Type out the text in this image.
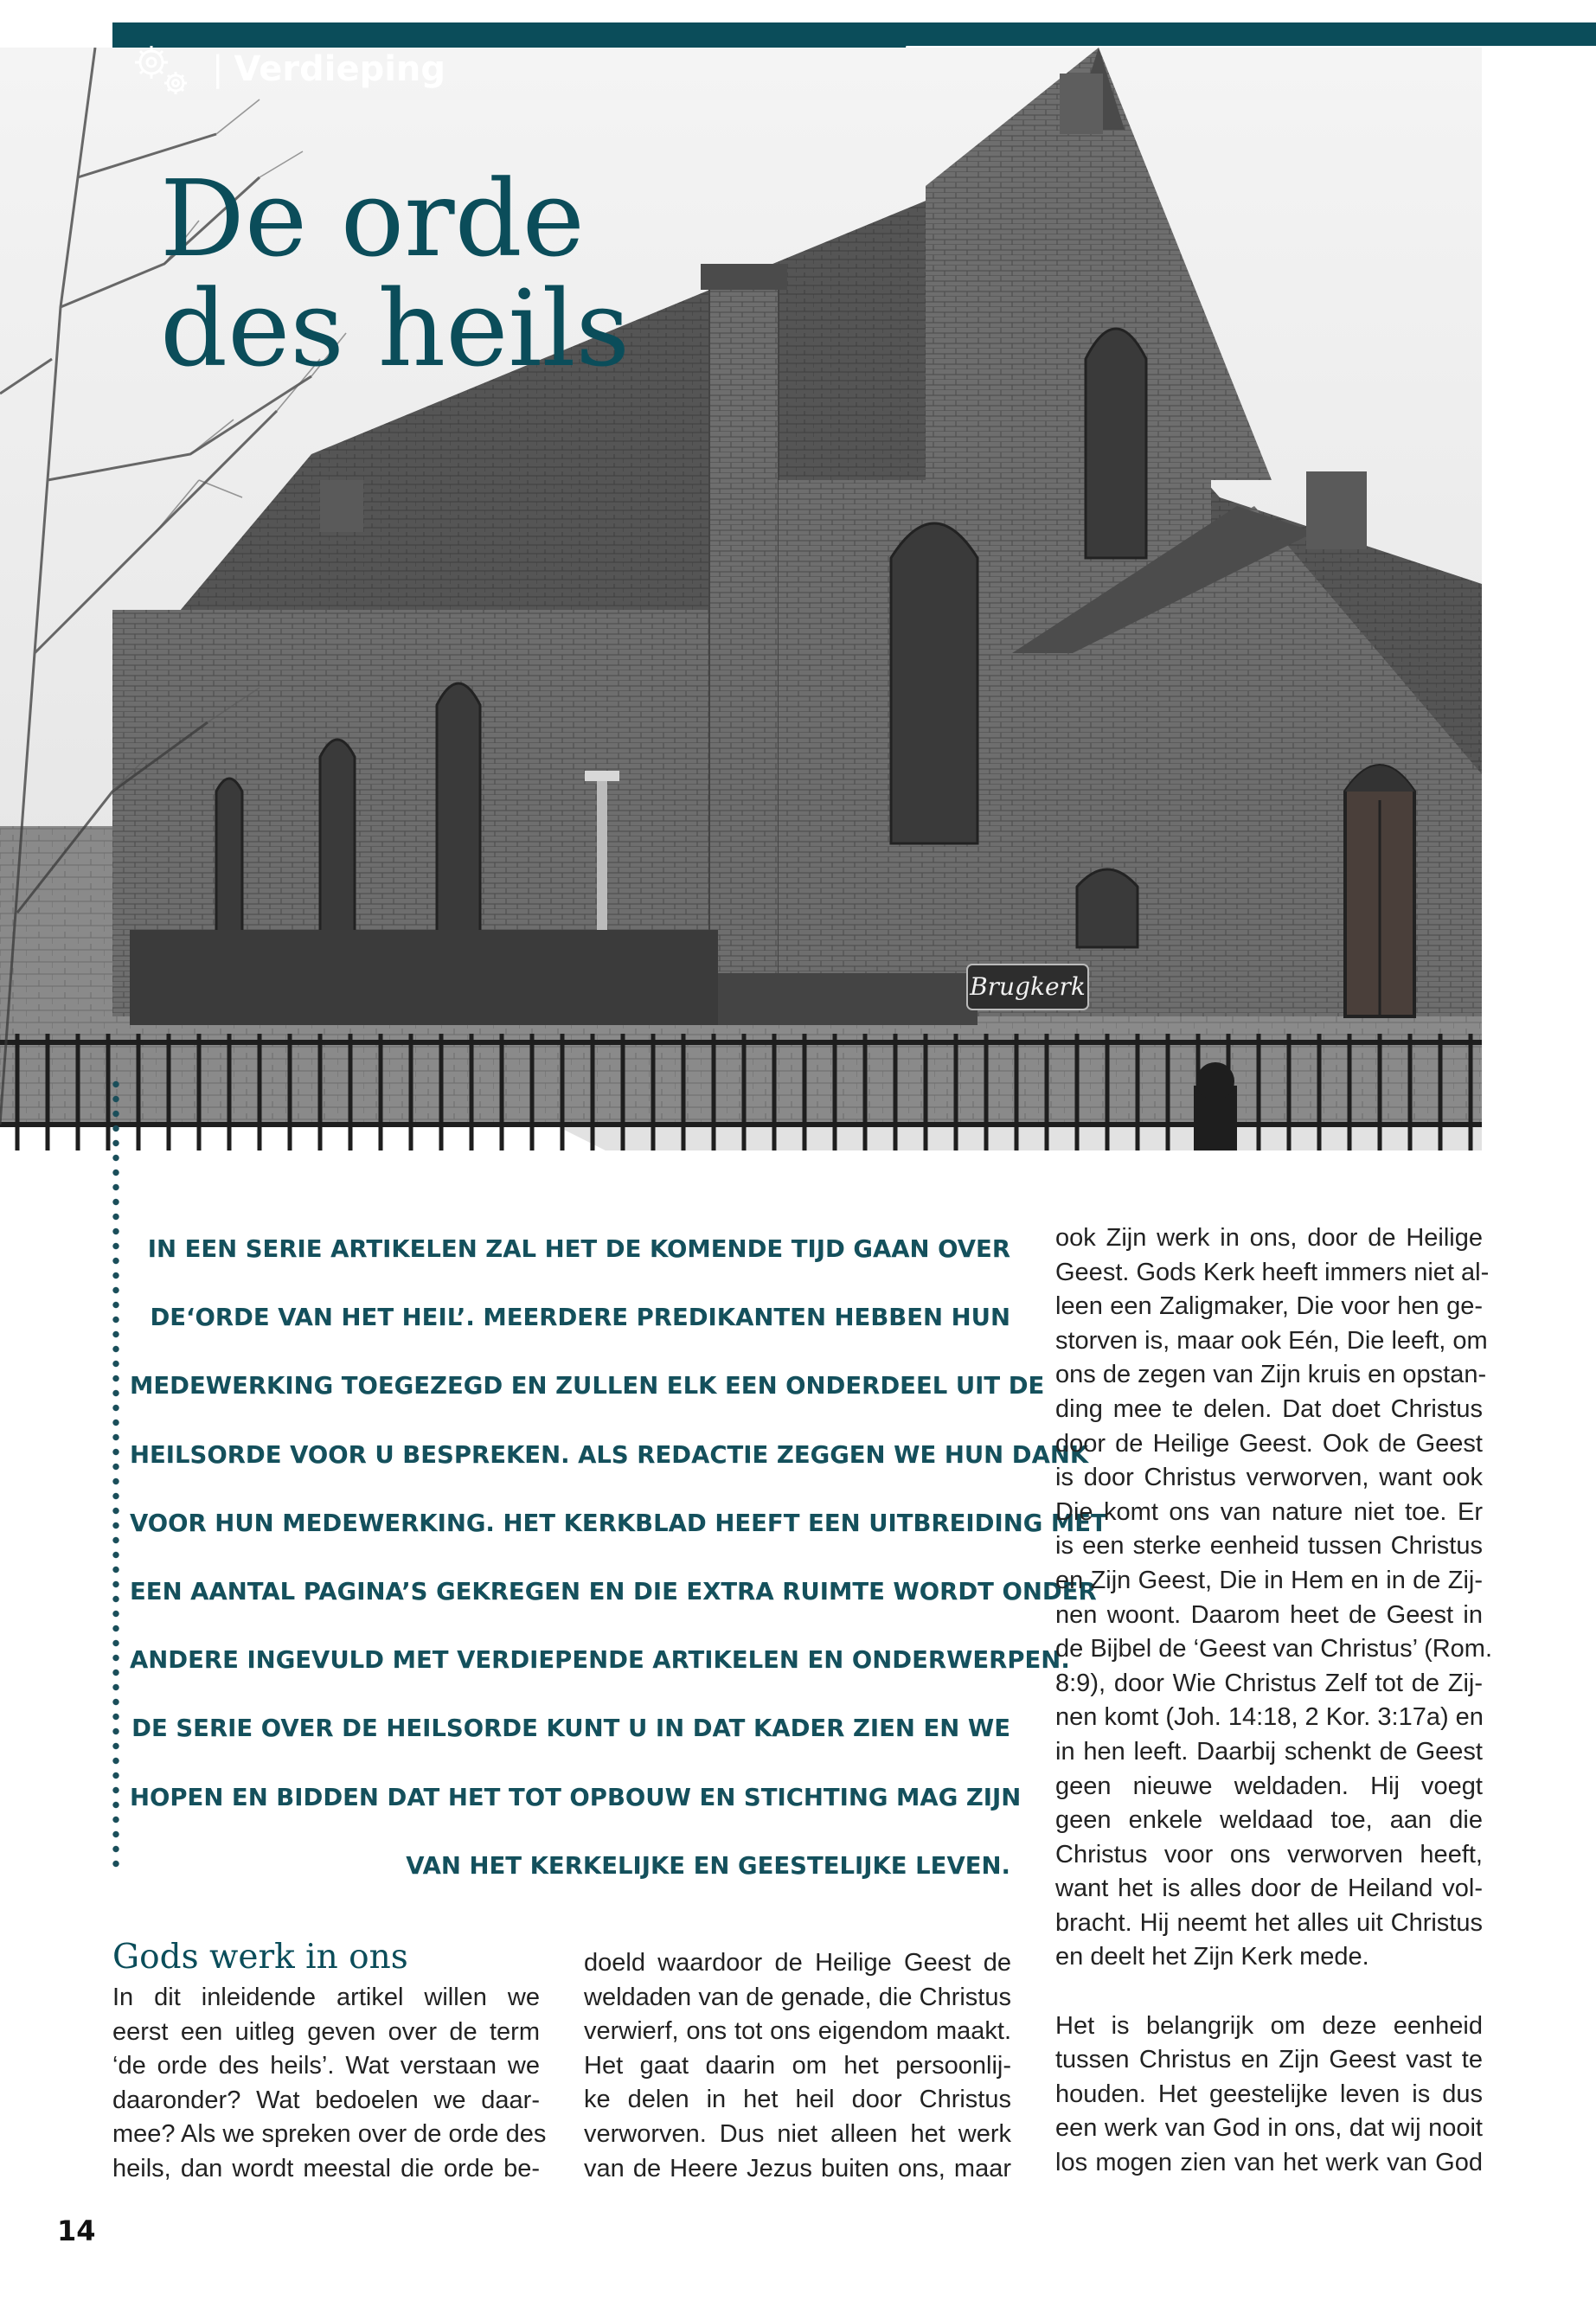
Brugkerk
| Verdieping
De orde
des heils
IN EEN SERIE ARTIKELEN ZAL HET DE KOMENDE TIJD GAAN OVER
DE‘ORDE VAN HET HEIL’. MEERDERE PREDIKANTEN HEBBEN HUN
MEDEWERKING TOEGEZEGD EN ZULLEN ELK EEN ONDERDEEL UIT DE
HEILSORDE VOOR U BESPREKEN. ALS REDACTIE ZEGGEN WE HUN DANK
VOOR HUN MEDEWERKING. HET KERKBLAD HEEFT EEN UITBREIDING MET
EEN AANTAL PAGINA’S GEKREGEN EN DIE EXTRA RUIMTE WORDT ONDER
ANDERE INGEVULD MET VERDIEPENDE ARTIKELEN EN ONDERWERPEN.
DE SERIE OVER DE HEILSORDE KUNT U IN DAT KADER ZIEN EN WE
HOPEN EN BIDDEN DAT HET TOT OPBOUW EN STICHTING MAG ZIJN
VAN HET KERKELIJKE EN GEESTELIJKE LEVEN.
Gods werk in ons
In dit inleidende artikel willen we
eerst een uitleg geven over de term
‘de orde des heils’. Wat verstaan we
daaronder? Wat bedoelen we daar-
mee? Als we spreken over de orde des
heils, dan wordt meestal die orde be-
doeld waardoor de Heilige Geest de
weldaden van de genade, die Christus
verwierf, ons tot ons eigendom maakt.
Het gaat daarin om het persoonlij-
ke delen in het heil door Christus
verworven. Dus niet alleen het werk
van de Heere Jezus buiten ons, maar
ook Zijn werk in ons, door de Heilige
Geest. Gods Kerk heeft immers niet al-
leen een Zaligmaker, Die voor hen ge-
storven is, maar ook Eén, Die leeft, om
ons de zegen van Zijn kruis en opstan-
ding mee te delen. Dat doet Christus
door de Heilige Geest. Ook de Geest
is door Christus verworven, want ook
Die komt ons van nature niet toe. Er
is een sterke eenheid tussen Christus
en Zijn Geest, Die in Hem en in de Zij-
nen woont. Daarom heet de Geest in
de Bijbel de ‘Geest van Christus’ (Rom.
8:9), door Wie Christus Zelf tot de Zij-
nen komt (Joh. 14:18, 2 Kor. 3:17a) en
in hen leeft. Daarbij schenkt de Geest
geen nieuwe weldaden. Hij voegt
geen enkele weldaad toe, aan die
Christus voor ons verworven heeft,
want het is alles door de Heiland vol-
bracht. Hij neemt het alles uit Christus
en deelt het Zijn Kerk mede.

Het is belangrijk om deze eenheid
tussen Christus en Zijn Geest vast te
houden. Het geestelijke leven is dus
een werk van God in ons, dat wij nooit
los mogen zien van het werk van God
14
